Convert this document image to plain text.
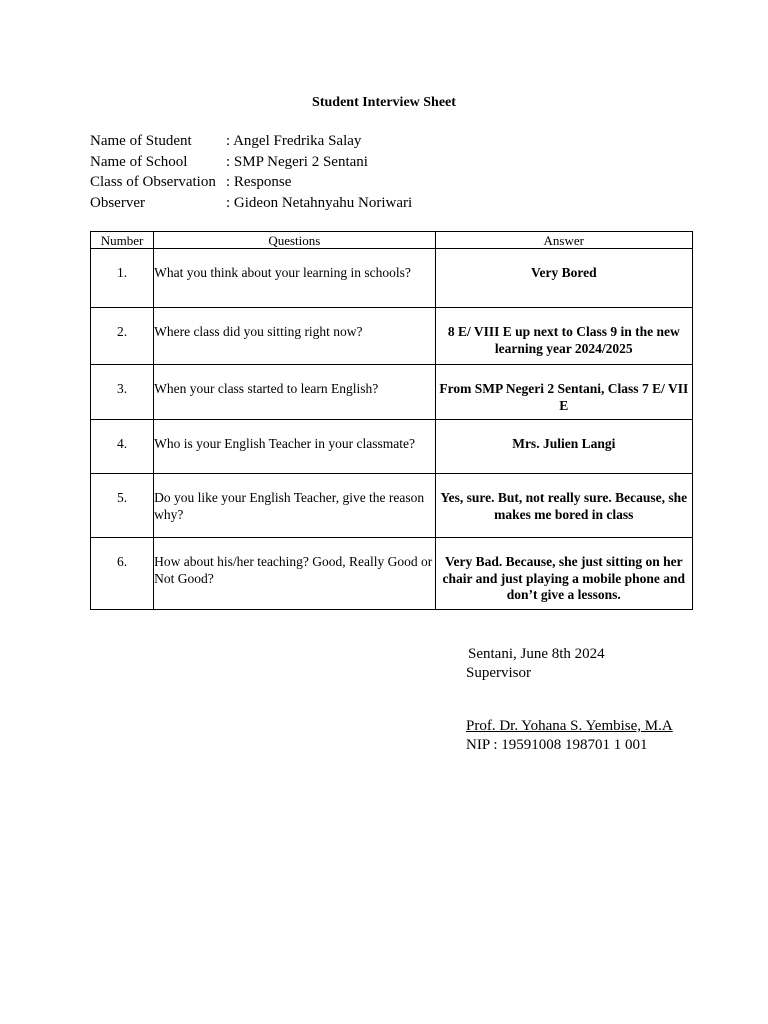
Student Interview Sheet
Name of Student	: Angel Fredrika Salay
Name of School	: SMP Negeri 2 Sentani
Class of Observation : Response
Observer	: Gideon Netahnyahu Noriwari
Number	Questions	Answer

1.	What you think about your learning in schools?	Very Bored

2.	Where class did you sitting right now?	8 E/ VIII E up next to Class 9 in the new learning year 2024/2025

3.	When your class started to learn English?	From SMP Negeri 2 Sentani, Class 7 E/ VII E

4.	Who is your English Teacher in your classmate?	Mrs. Julien Langi

5.	Do you like your English Teacher, give the reason why?	Yes, sure. But, not really sure. Because, she makes me bored in class

6.	How about his/her teaching? Good, Really Good or Not Good?	Very Bad. Because, she just sitting on her chair and just playing a mobile phone and don’t give a lessons.
Sentani, June 8th 2024
Supervisor
Prof. Dr. Yohana S. Yembise, M.A
NIP : 19591008 198701 1 001
